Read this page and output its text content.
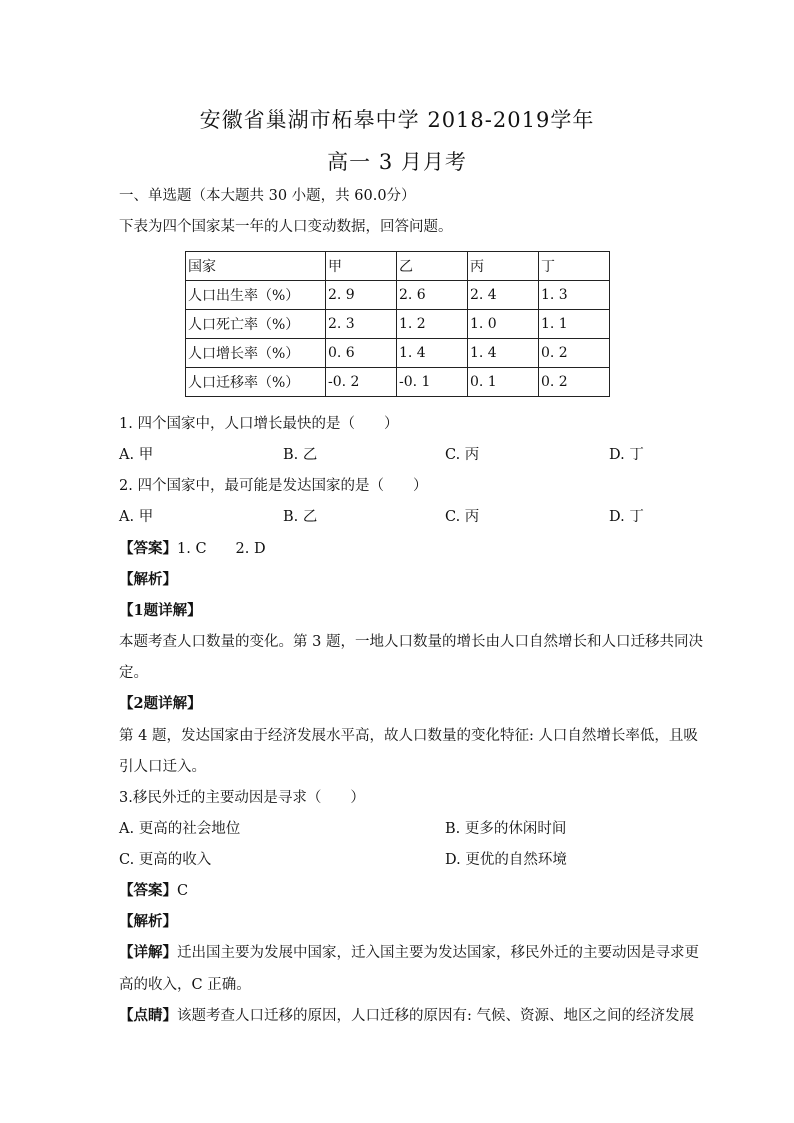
安徽省巢湖市柘皋中学 2018-2019学年
高一 3 月月考
一、单选题（本大题共 30 小题，共 60.0分）
下表为四个国家某一年的人口变动数据，回答问题。
国家	甲	乙	丙	丁
人口出生率（%）	2. 9	2. 6	2. 4	1. 3
人口死亡率（%）	2. 3	1. 2	1. 0	1. 1
人口增长率（%）	0. 6	1. 4	1. 4	0. 2
人口迁移率（%）	-0. 2	-0. 1	0. 1	0. 2
1. 四个国家中，人口增长最快的是（　　）
A. 甲	B. 乙	C. 丙	D. 丁
2. 四个国家中，最可能是发达国家的是（　　）
A. 甲	B. 乙	C. 丙	D. 丁
【答案】1. C　　2. D
【解析】
【1题详解】
本题考查人口数量的变化。第 3 题，一地人口数量的增长由人口自然增长和人口迁移共同决
定。
【2题详解】
第 4 题，发达国家由于经济发展水平高，故人口数量的变化特征: 人口自然增长率低，且吸
引人口迁入。
3.移民外迁的主要动因是寻求（　　）
A. 更高的社会地位	B. 更多的休闲时间
C. 更高的收入	D. 更优的自然环境
【答案】C
【解析】
【详解】迁出国主要为发展中国家，迁入国主要为发达国家，移民外迁的主要动因是寻求更
高的收入，C 正确。
【点睛】该题考查人口迁移的原因，人口迁移的原因有: 气候、资源、地区之间的经济发展
